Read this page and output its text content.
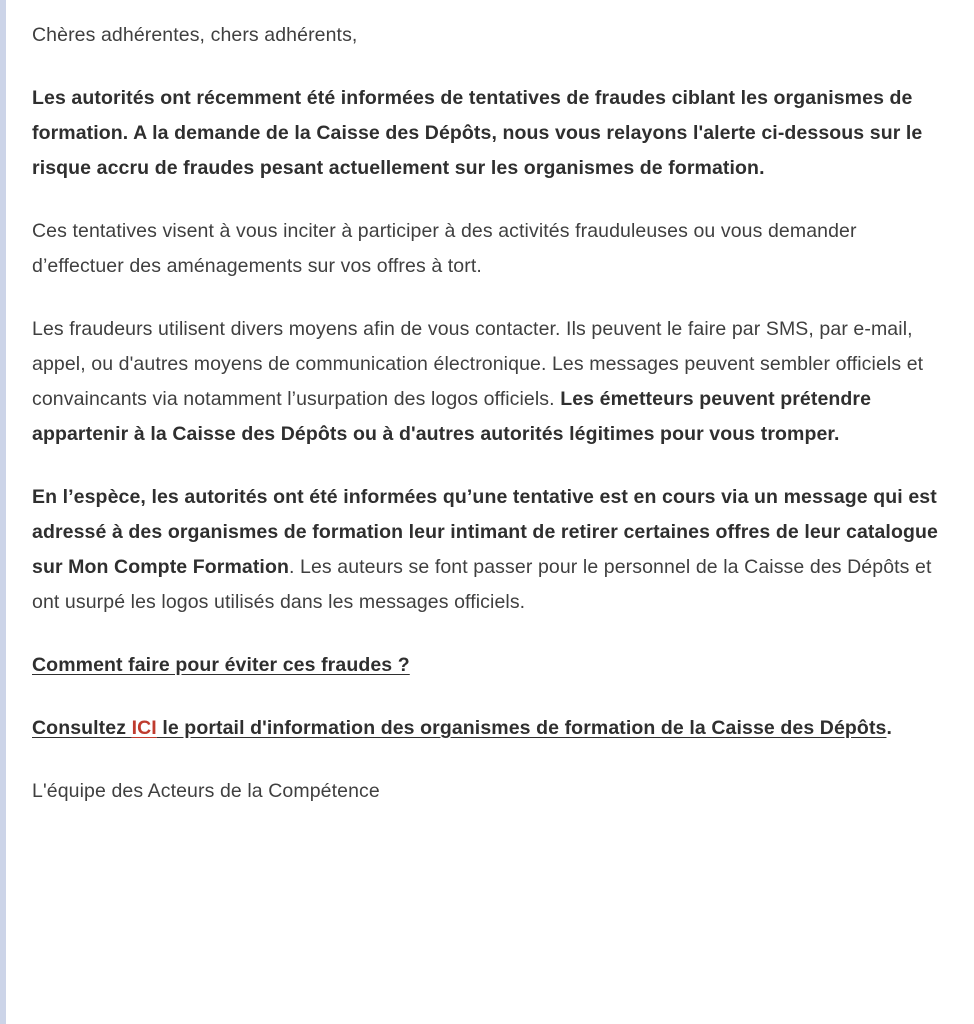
Chères adhérentes, chers adhérents,

Les autorités ont récemment été informées de tentatives de fraudes ciblant les organismes de formation. A la demande de la Caisse des Dépôts, nous vous relayons l'alerte ci-dessous sur le risque accru de fraudes pesant actuellement sur les organismes de formation.

Ces tentatives visent à vous inciter à participer à des activités frauduleuses ou vous demander d’effectuer des aménagements sur vos offres à tort.

Les fraudeurs utilisent divers moyens afin de vous contacter. Ils peuvent le faire par SMS, par e-mail, appel, ou d'autres moyens de communication électronique. Les messages peuvent sembler officiels et convaincants via notamment l’usurpation des logos officiels. Les émetteurs peuvent prétendre appartenir à la Caisse des Dépôts ou à d'autres autorités légitimes pour vous tromper.

En l’espèce, les autorités ont été informées qu’une tentative est en cours via un message qui est adressé à des organismes de formation leur intimant de retirer certaines offres de leur catalogue sur Mon Compte Formation. Les auteurs se font passer pour le personnel de la Caisse des Dépôts et ont usurpé les logos utilisés dans les messages officiels.

Comment faire pour éviter ces fraudes ?

Consultez ICI le portail d'information des organismes de formation de la Caisse des Dépôts.

L'équipe des Acteurs de la Compétence
